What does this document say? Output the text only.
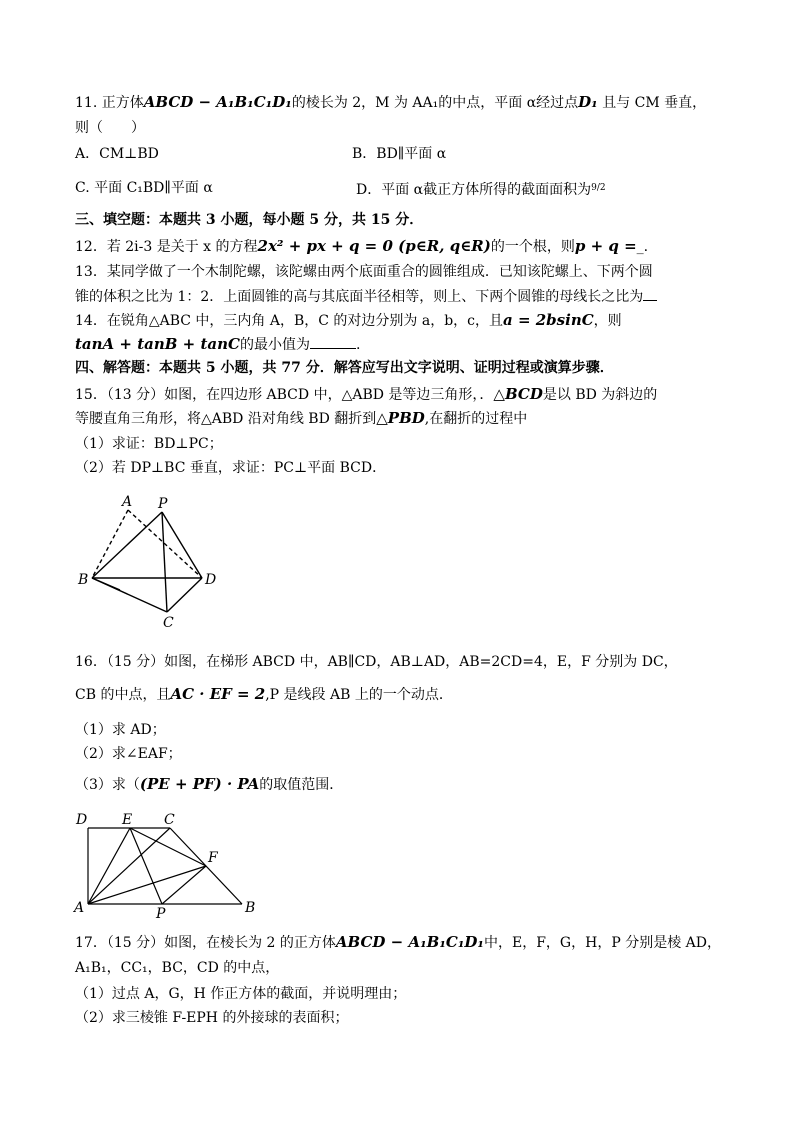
11. 正方体ABCD − A₁B₁C₁D₁的棱长为 2，M 为 AA₁的中点，平面 α经过点D₁ 且与 CM 垂直，
则（　　）
A．CM⊥BD	B．BD∥平面 α
C. 平面 C₁BD∥平面 α	D．平面 α截正方体所得的截面面积为$^{9/2}$
三、填空题：本题共 3 小题，每小题 5 分，共 15 分．
12．若 2i-3 是关于 x 的方程2x² + px + q = 0 (p∈R, q∈R)的一个根，则p + q =_.
13．某同学做了一个木制陀螺，该陀螺由两个底面重合的圆锥组成．已知该陀螺上、下两个圆
锥的体积之比为 1：2．上面圆锥的高与其底面半径相等，则上、下两个圆锥的母线长之比为
14．在锐角△ABC 中，三内角 A，B，C 的对边分别为 a，b，c，且a = 2bsinC，则
tanA + tanB + tanC的最小值为	.
四、解答题：本题共 5 小题，共 77 分．解答应写出文字说明、证明过程或演算步骤．
15．（13 分）如图，在四边形 ABCD 中，△ABD 是等边三角形，．△BCD是以 BD 为斜边的
等腰直角三角形，将△ABD 沿对角线 BD 翻折到△PBD,在翻折的过程中
（1）求证：BD⊥PC；
（2）若 DP⊥BC 垂直，求证：PC⊥平面 BCD．
A P
B	D
C
16．（15 分）如图，在梯形 ABCD 中，AB∥CD，AB⊥AD，AB=2CD=4，E，F 分别为 DC，
CB 的中点，且AC · EF = 2,P 是线段 AB 上的一个动点．
（1）求 AD；
（2）求∠EAF；
（3）求（(PE + PF) · PA的取值范围．
D E C
F
A	P	B
17．（15 分）如图，在棱长为 2 的正方体ABCD − A₁B₁C₁D₁中，E，F，G，H，P 分别是棱 AD，
A₁B₁，CC₁，BC，CD 的中点，
（1）过点 A，G，H 作正方体的截面，并说明理由；
（2）求三棱锥 F-EPH 的外接球的表面积；
